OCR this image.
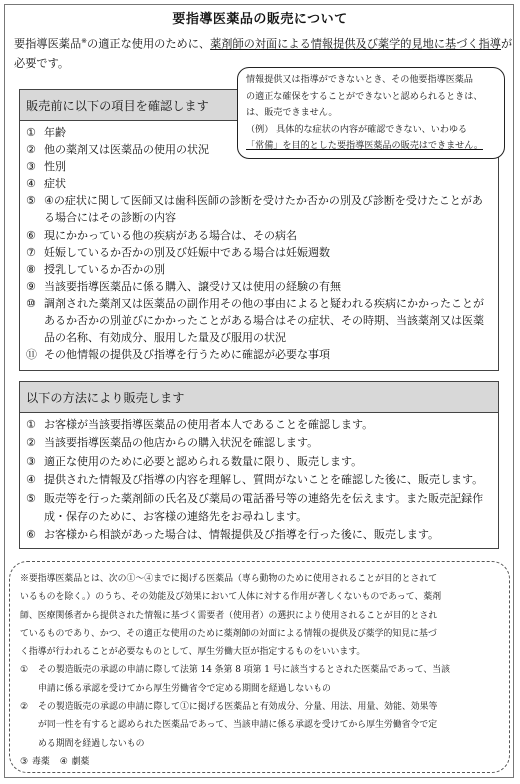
要指導医薬品の販売について
要指導医薬品※の適正な使用のために、薬剤師の対面による情報提供及び薬学的見地に基づく指導が必要です。
情報提供又は指導ができないとき、その他要指導医薬品
の適正な確保をすることができないと認められるときは、
は、販売できません。
（例） 具体的な症状の内容が確認できない、いわゆる
「常備」を目的とした要指導医薬品の販売はできません。
販売前に以下の項目を確認します
① 年齢
② 他の薬剤又は医薬品の使用の状況
③ 性別
④ 症状
⑤ ④の症状に関して医師又は歯科医師の診断を受けたか否かの別及び診断を受けたことがある場合にはその診断の内容
⑥ 現にかかっている他の疾病がある場合は、その病名
⑦ 妊娠しているか否かの別及び妊娠中である場合は妊娠週数
⑧ 授乳しているか否かの別
⑨ 当該要指導医薬品に係る購入、譲受け又は使用の経験の有無
⑩ 調剤された薬剤又は医薬品の副作用その他の事由によると疑われる疾病にかかったことがあるか否かの別並びにかかったことがある場合はその症状、その時期、当該薬剤又は医薬品の名称、有効成分、服用した量及び服用の状況
⑪ その他情報の提供及び指導を行うために確認が必要な事項
以下の方法により販売します
① お客様が当該要指導医薬品の使用者本人であることを確認します。
② 当該要指導医薬品の他店からの購入状況を確認します。
③ 適正な使用のために必要と認められる数量に限り、販売します。
④ 提供された情報及び指導の内容を理解し、質問がないことを確認した後に、販売します。
⑤ 販売等を行った薬剤師の氏名及び薬局の電話番号等の連絡先を伝えます。また販売記録作成・保存のために、お客様の連絡先をお尋ねします。
⑥ お客様から相談があった場合は、情報提供及び指導を行った後に、販売します。
※要指導医薬品とは、次の①～④までに掲げる医薬品（専ら動物のために使用されることが目的とされて
いるものを除く。）のうち、その効能及び効果において人体に対する作用が著しくないものであって、薬剤
師、医療関係者から提供された情報に基づく需要者（使用者）の選択により使用されることが目的とされ
ているものであり、かつ、その適正な使用のために薬剤師の対面による情報の提供及び薬学的知見に基づ
く指導が行われることが必要なものとして、厚生労働大臣が指定するものをいいます。
①	その製造販売の承認の申請に際して法第 14 条第 8 項第 1 号に該当するとされた医薬品であって、当該
申請に係る承認を受けてから厚生労働省令で定める期間を経過しないもの
②	その製造販売の承認の申請に際して①に掲げる医薬品と有効成分、分量、用法、用量、効能、効果等
が同一性を有すると認められた医薬品であって、当該申請に係る承認を受けてから厚生労働省令で定
める期間を経過しないもの
③ 毒薬 ④ 劇薬
